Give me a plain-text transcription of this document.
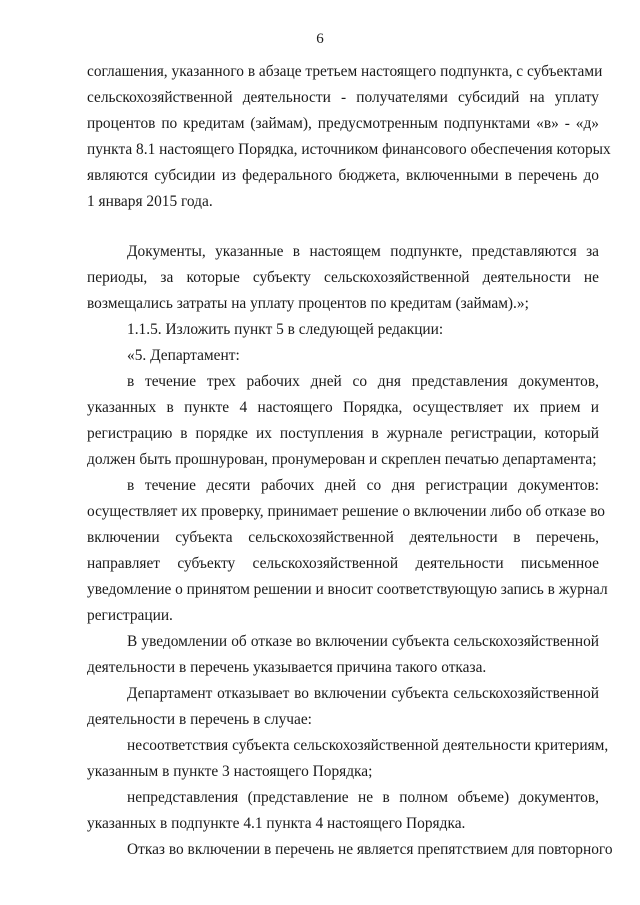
6
соглашения, указанного в абзаце третьем настоящего подпункта, с субъектами
сельскохозяйственной деятельности - получателями субсидий на уплату
процентов по кредитам (займам), предусмотренным подпунктами «в» - «д»
пункта 8.1 настоящего Порядка, источником финансового обеспечения которых
являются субсидии из федерального бюджета, включенными в перечень до
1 января 2015 года.
Документы, указанные в настоящем подпункте, представляются за
периоды, за которые субъекту сельскохозяйственной деятельности не
возмещались затраты на уплату процентов по кредитам (займам).»;
1.1.5. Изложить пункт 5 в следующей редакции:
«5. Департамент:
в течение трех рабочих дней со дня представления документов,
указанных в пункте 4 настоящего Порядка, осуществляет их прием и
регистрацию в порядке их поступления в журнале регистрации, который
должен быть прошнурован, пронумерован и скреплен печатью департамента;
в течение десяти рабочих дней со дня регистрации документов:
осуществляет их проверку, принимает решение о включении либо об отказе во
включении субъекта сельскохозяйственной деятельности в перечень,
направляет субъекту сельскохозяйственной деятельности письменное
уведомление о принятом решении и вносит соответствующую запись в журнал
регистрации.
В уведомлении об отказе во включении субъекта сельскохозяйственной
деятельности в перечень указывается причина такого отказа.
Департамент отказывает во включении субъекта сельскохозяйственной
деятельности в перечень в случае:
несоответствия субъекта сельскохозяйственной деятельности критериям,
указанным в пункте 3 настоящего Порядка;
непредставления (представление не в полном объеме) документов,
указанных в подпункте 4.1 пункта 4 настоящего Порядка.
Отказ во включении в перечень не является препятствием для повторного
